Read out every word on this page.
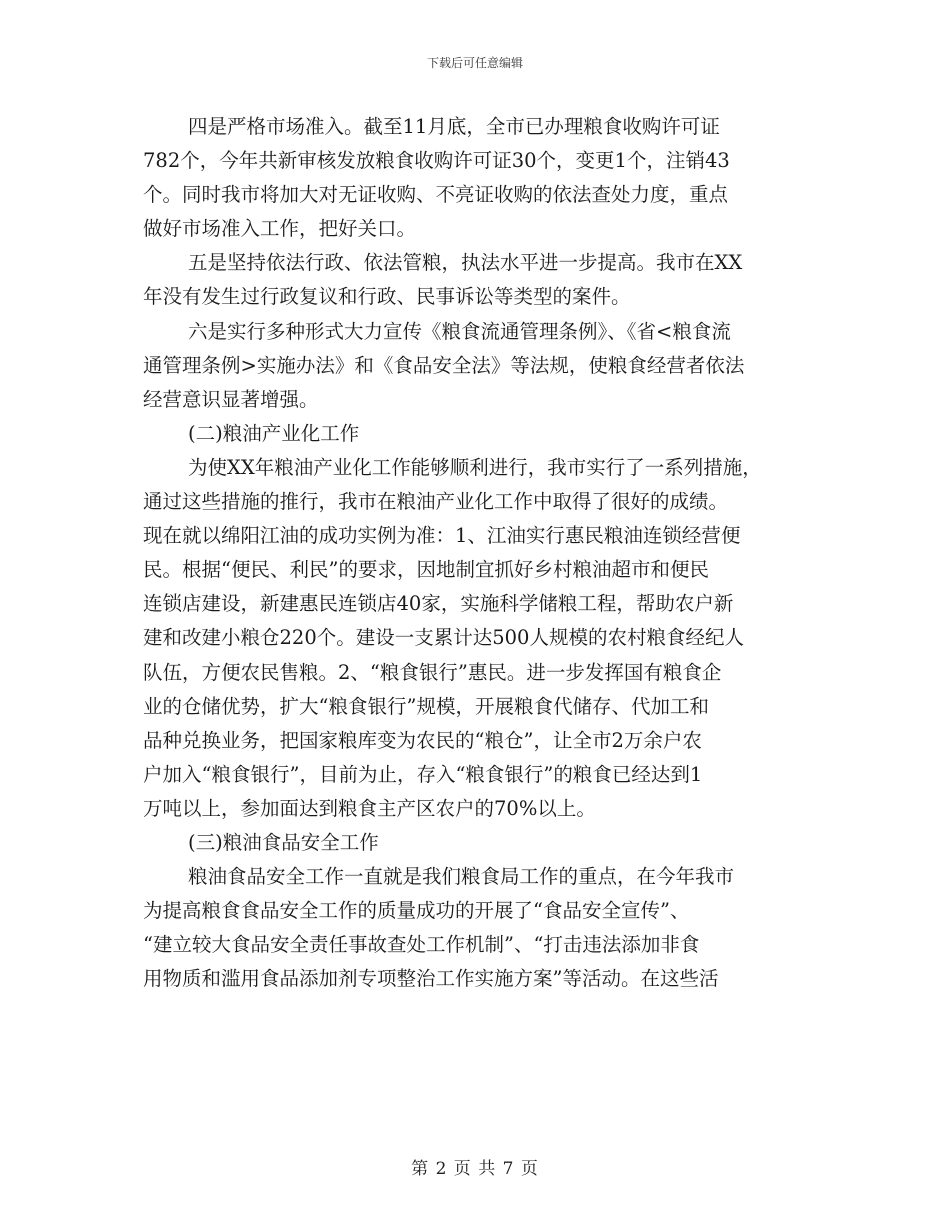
下载后可任意编辑
四是严格市场准入。截至11月底，全市已办理粮食收购许可证
782个，今年共新审核发放粮食收购许可证30个，变更1个，注销43
个。同时我市将加大对无证收购、不亮证收购的依法查处力度，重点
做好市场准入工作，把好关口。
五是坚持依法行政、依法管粮，执法水平进一步提高。我市在XX
年没有发生过行政复议和行政、民事诉讼等类型的案件。
六是实行多种形式大力宣传《粮食流通管理条例》、《省<粮食流
通管理条例>实施办法》和《食品安全法》等法规，使粮食经营者依法
经营意识显著增强。
(二)粮油产业化工作
为使XX年粮油产业化工作能够顺利进行，我市实行了一系列措施，
通过这些措施的推行，我市在粮油产业化工作中取得了很好的成绩。
现在就以绵阳江油的成功实例为准：1、江油实行惠民粮油连锁经营便
民。根据“便民、利民”的要求，因地制宜抓好乡村粮油超市和便民
连锁店建设，新建惠民连锁店40家，实施科学储粮工程，帮助农户新
建和改建小粮仓220个。建设一支累计达500人规模的农村粮食经纪人
队伍，方便农民售粮。2、“粮食银行”惠民。进一步发挥国有粮食企
业的仓储优势，扩大“粮食银行”规模，开展粮食代储存、代加工和
品种兑换业务，把国家粮库变为农民的“粮仓”，让全市2万余户农
户加入“粮食银行”，目前为止，存入“粮食银行”的粮食已经达到1
万吨以上，参加面达到粮食主产区农户的70%以上。
(三)粮油食品安全工作
粮油食品安全工作一直就是我们粮食局工作的重点，在今年我市
为提高粮食食品安全工作的质量成功的开展了“食品安全宣传”、
“建立较大食品安全责任事故查处工作机制”、“打击违法添加非食
用物质和滥用食品添加剂专项整治工作实施方案”等活动。在这些活
第 2 页 共 7 页
